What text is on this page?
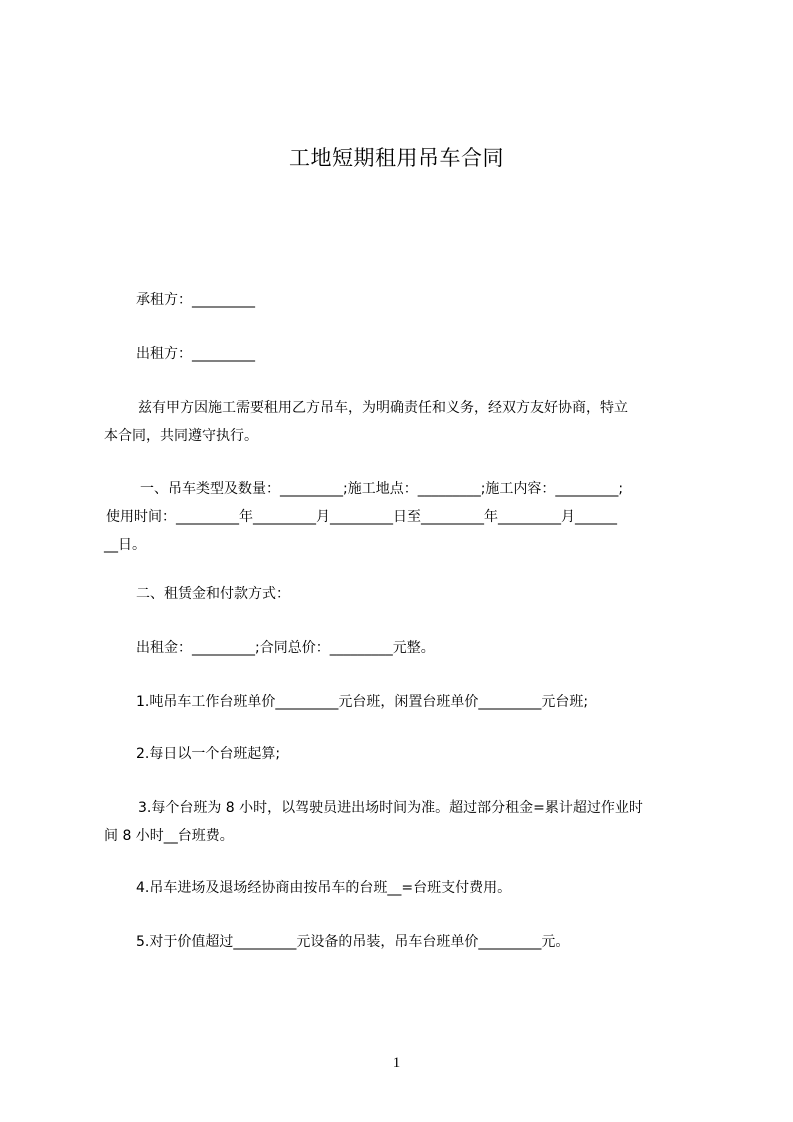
工地短期租用吊车合同
承租方：_________
出租方：_________
兹有甲方因施工需要租用乙方吊车，为明确责任和义务，经双方友好协商，特立
本合同，共同遵守执行。
一、吊车类型及数量：_________;施工地点：_________;施工内容：_________;
使用时间：_________年_________月_________日至_________年_________月______
__日。
二、租赁金和付款方式：
出租金：_________;合同总价：_________元整。
1.吨吊车工作台班单价_________元台班，闲置台班单价_________元台班;
2.每日以一个台班起算;
3.每个台班为 8 小时，以驾驶员进出场时间为准。超过部分租金=累计超过作业时
间 8 小时__台班费。
4.吊车进场及退场经协商由按吊车的台班__=台班支付费用。
5.对于价值超过_________元设备的吊装，吊车台班单价_________元。
1
